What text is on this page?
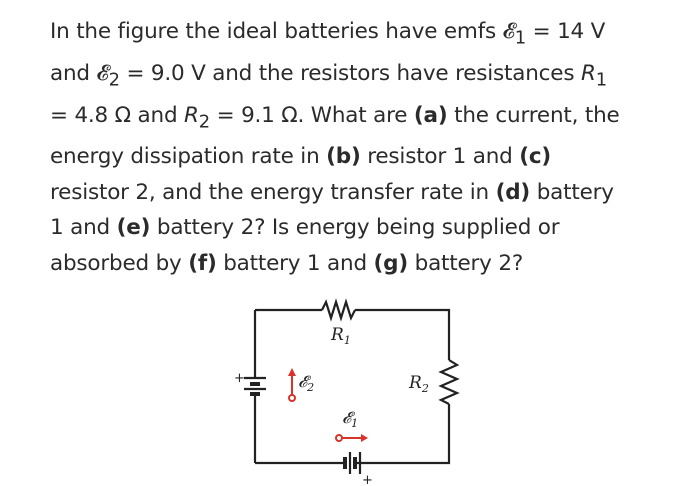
In the figure the ideal batteries have emfs 𝓔$_1$ = 14 V
and 𝓔$_2$ = 9.0 V and the resistors have resistances $R_1$
= 4.8 Ω and $R_2 = 9.1$ Ω. What are (a) the current, the
energy dissipation rate in (b) resistor 1 and (c)
resistor 2, and the energy transfer rate in (d) battery
1 and (e) battery 2? Is energy being supplied or
absorbed by (f) battery 1 and (g) battery 2?
$R_1$
$R_2$
𝓔$_2$
𝓔$_1$
+
+
